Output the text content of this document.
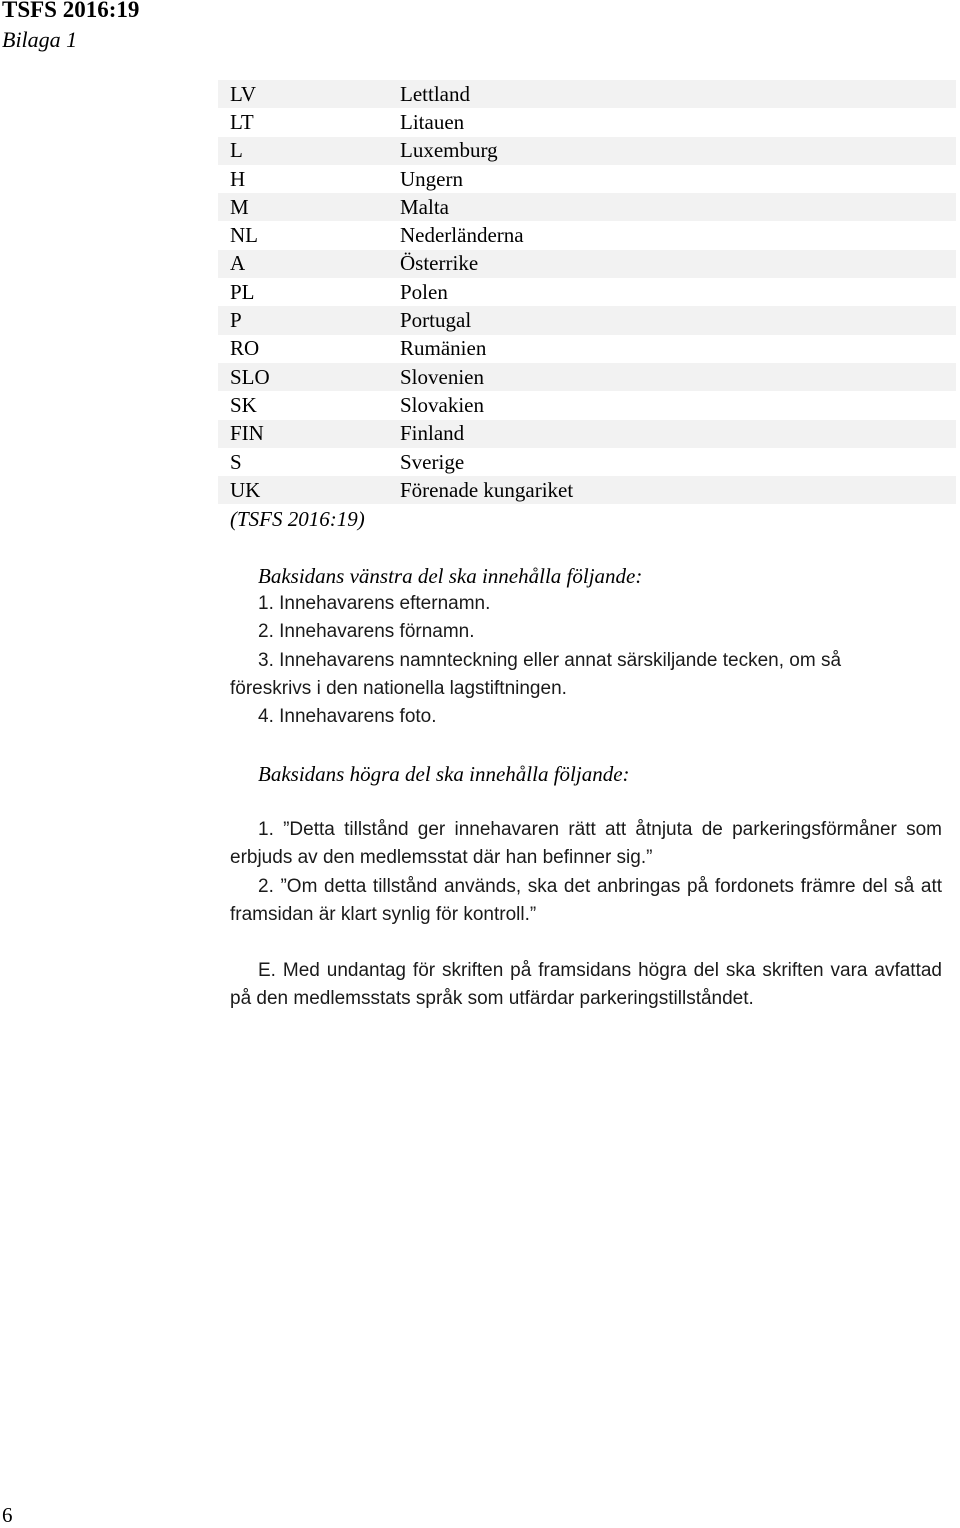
TSFS 2016:19
Bilaga 1
LV	Lettland
LT	Litauen
L	Luxemburg
H	Ungern
M	Malta
NL	Nederländerna
A	Österrike
PL	Polen
P	Portugal
RO	Rumänien
SLO	Slovenien
SK	Slovakien
FIN	Finland
S	Sverige
UK	Förenade kungariket
(TSFS 2016:19)
Baksidans vänstra del ska innehålla följande:
1. Innehavarens efternamn.
2. Innehavarens förnamn.
3. Innehavarens namnteckning eller annat särskiljande tecken, om så
föreskrivs i den nationella lagstiftningen.
4. Innehavarens foto.
Baksidans högra del ska innehålla följande:
1. ”Detta tillstånd ger innehavaren rätt att åtnjuta de parkeringsförmåner som erbjuds av den medlemsstat där han befinner sig.”
2. ”Om detta tillstånd används, ska det anbringas på fordonets främre del så att framsidan är klart synlig för kontroll.”
E. Med undantag för skriften på framsidans högra del ska skriften vara avfattad på den medlemsstats språk som utfärdar parkeringstillståndet.
6
